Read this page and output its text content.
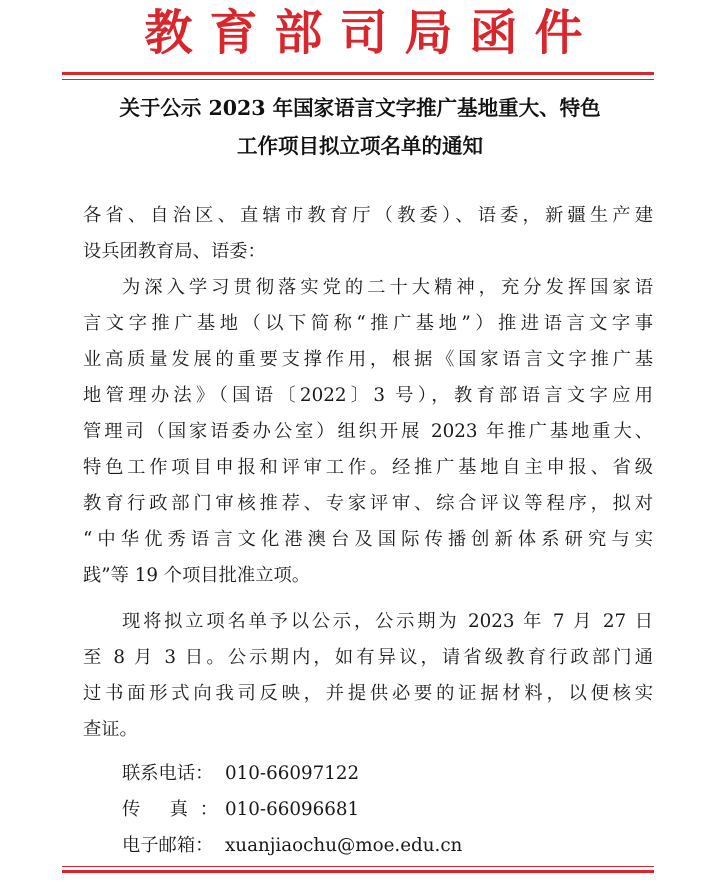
教育部司局函件
关于公示 2023 年国家语言文字推广基地重大、特色
工作项目拟立项名单的通知
各省、自治区、直辖市教育厅（教委）、语委，新疆生产建
设兵团教育局、语委：
为深入学习贯彻落实党的二十大精神，充分发挥国家语
言文字推广基地（以下简称“推广基地”）推进语言文字事
业高质量发展的重要支撑作用，根据《国家语言文字推广基
地管理办法》（国语〔2022〕3 号），教育部语言文字应用
管理司（国家语委办公室）组织开展 2023 年推广基地重大、
特色工作项目申报和评审工作。经推广基地自主申报、省级
教育行政部门审核推荐、专家评审、综合评议等程序，拟对
“中华优秀语言文化港澳台及国际传播创新体系研究与实
践”等 19 个项目批准立项。
现将拟立项名单予以公示，公示期为 2023 年 7 月 27 日
至 8 月 3 日。公示期内，如有异议，请省级教育行政部门通
过书面形式向我司反映，并提供必要的证据材料，以便核实
查证。
联系电话： 010-66097122
传 真： 010-66096681
电子邮箱： xuanjiaochu@moe.edu.cn
